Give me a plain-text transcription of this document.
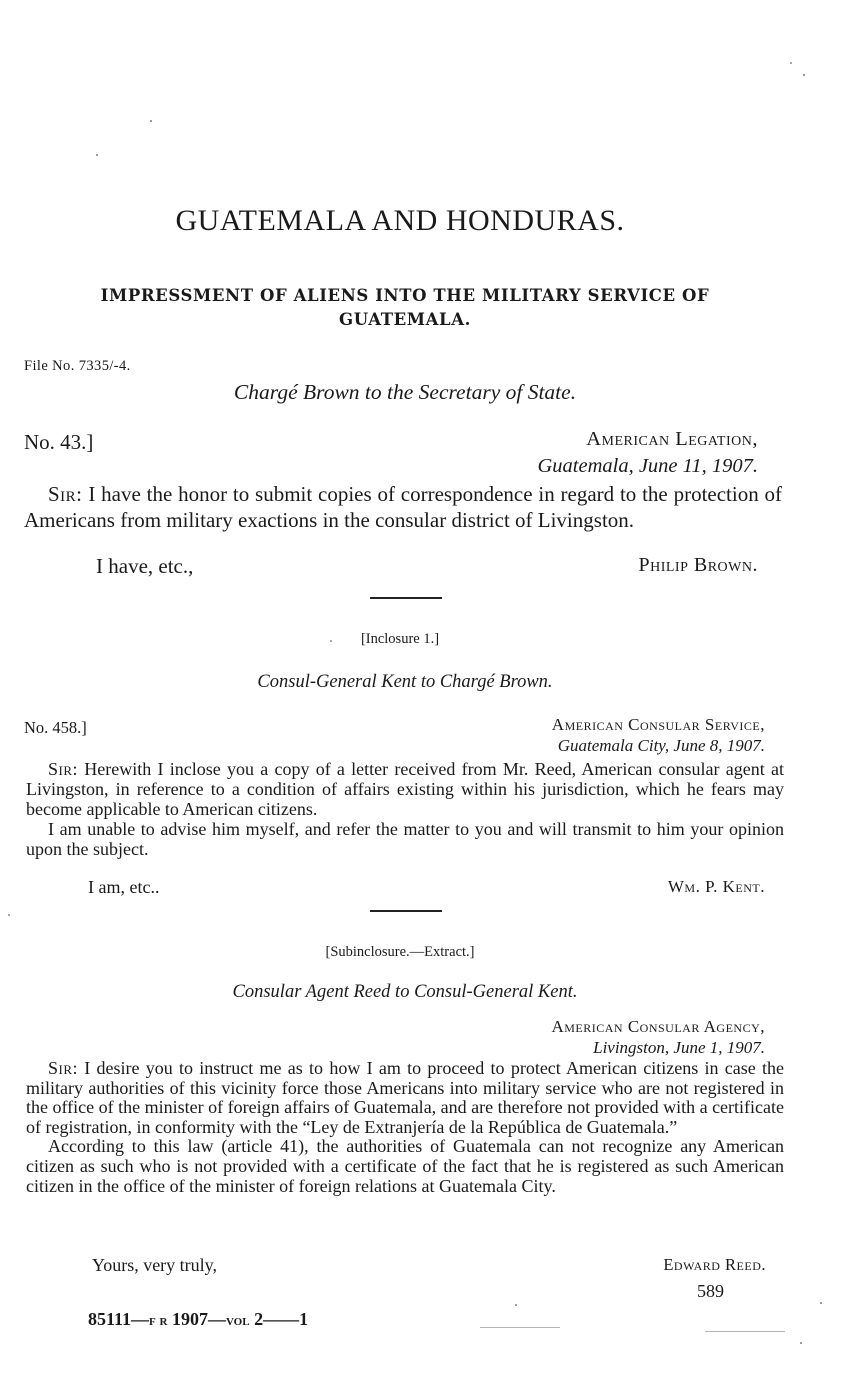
GUATEMALA AND HONDURAS.
IMPRESSMENT OF ALIENS INTO THE MILITARY SERVICE OF
GUATEMALA.
File No. 7335/-4.
Chargé Brown to the Secretary of State.
No. 43.]	American Legation,
Guatemala, June 11, 1907.
Sir: I have the honor to submit copies of correspondence in regard to the protection of Americans from military exactions in the consular district of Livingston.
I have, etc.,	Philip Brown.
[Inclosure 1.]
Consul-General Kent to Chargé Brown.
No. 458.]	American Consular Service,
Guatemala City, June 8, 1907.
Sir: Herewith I inclose you a copy of a letter received from Mr. Reed, American consular agent at Livingston, in reference to a condition of affairs existing within his jurisdiction, which he fears may become applicable to American citizens.
I am unable to advise him myself, and refer the matter to you and will transmit to him your opinion upon the subject.
I am, etc..	Wm. P. Kent.
[Subinclosure.—Extract.]
Consular Agent Reed to Consul-General Kent.
American Consular Agency,
Livingston, June 1, 1907.
Sir: I desire you to instruct me as to how I am to proceed to protect American citizens in case the military authorities of this vicinity force those Americans into military service who are not registered in the office of the minister of foreign affairs of Guatemala, and are therefore not provided with a certificate of registration, in conformity with the “Ley de Extranjería de la República de Guatemala.”
According to this law (article 41), the authorities of Guatemala can not recognize any American citizen as such who is not provided with a certificate of the fact that he is registered as such American citizen in the office of the minister of foreign relations at Guatemala City.
Yours, very truly,	Edward Reed.
589
85111—f r 1907—vol 2——1
